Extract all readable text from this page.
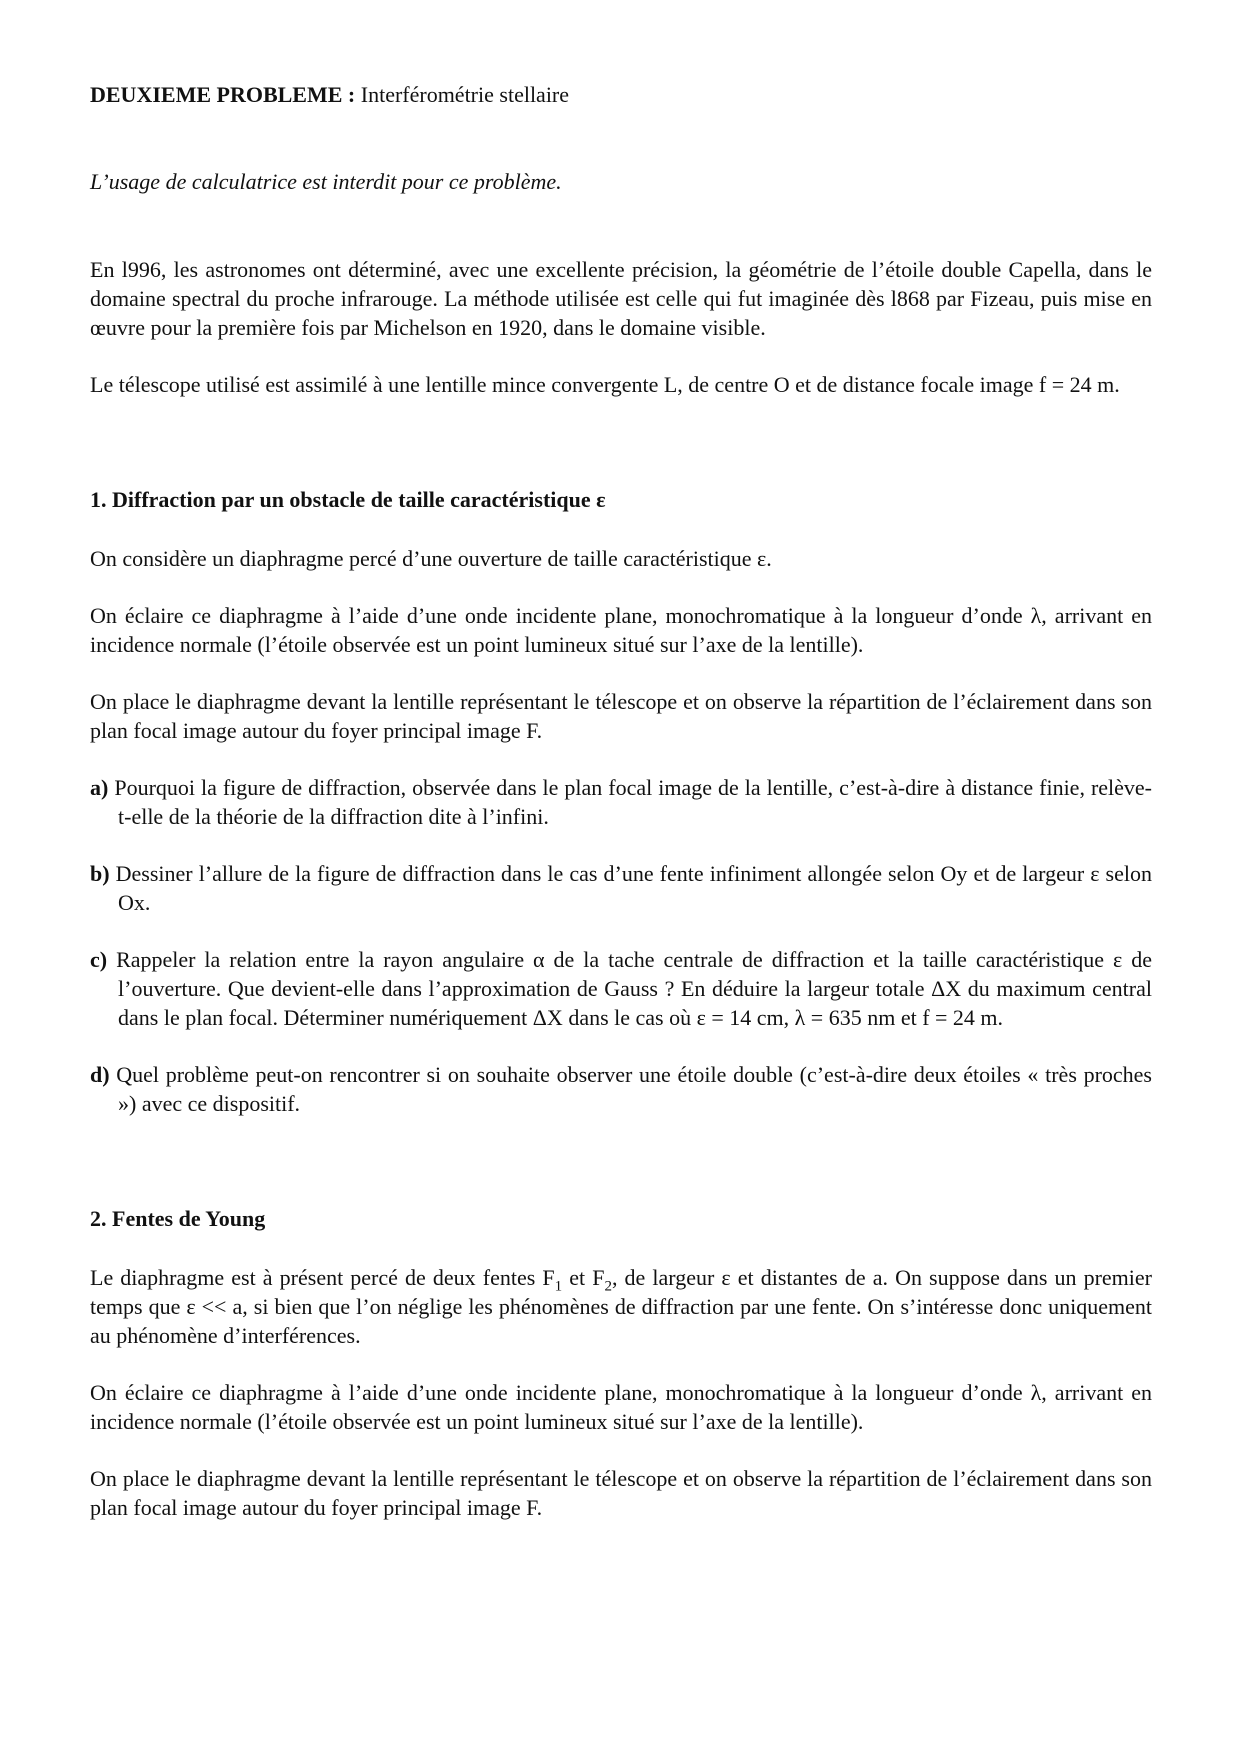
DEUXIEME PROBLEME : Interférométrie stellaire

L’usage de calculatrice est interdit pour ce problème.

En l996, les astronomes ont déterminé, avec une excellente précision, la géométrie de l’étoile double Capella, dans le domaine spectral du proche infrarouge. La méthode utilisée est celle qui fut imaginée dès l868 par Fizeau, puis mise en œuvre pour la première fois par Michelson en 1920, dans le domaine visible.

Le télescope utilisé est assimilé à une lentille mince convergente L, de centre O et de distance focale image f = 24 m.

1. Diffraction par un obstacle de taille caractéristique ε

On considère un diaphragme percé d’une ouverture de taille caractéristique ε.

On éclaire ce diaphragme à l’aide d’une onde incidente plane, monochromatique à la longueur d’onde λ, arrivant en incidence normale (l’étoile observée est un point lumineux situé sur l’axe de la lentille).

On place le diaphragme devant la lentille représentant le télescope et on observe la répartition de l’éclairement dans son plan focal image autour du foyer principal image F.

a) Pourquoi la figure de diffraction, observée dans le plan focal image de la lentille, c’est-à-dire à distance finie, relève-t-elle de la théorie de la diffraction dite à l’infini.

b) Dessiner l’allure de la figure de diffraction dans le cas d’une fente infiniment allongée selon Oy et de largeur ε selon Ox.

c) Rappeler la relation entre la rayon angulaire α de la tache centrale de diffraction et la taille caractéristique ε de l’ouverture. Que devient-elle dans l’approximation de Gauss ? En déduire la largeur totale ΔX du maximum central dans le plan focal. Déterminer numériquement ΔX dans le cas où ε = 14 cm, λ = 635 nm et f = 24 m.

d) Quel problème peut-on rencontrer si on souhaite observer une étoile double (c’est-à-dire deux étoiles « très proches ») avec ce dispositif.

2. Fentes de Young

Le diaphragme est à présent percé de deux fentes $F_1$ et $F_2$, de largeur ε et distantes de a. On suppose dans un premier temps que ε << a, si bien que l’on néglige les phénomènes de diffraction par une fente. On s’intéresse donc uniquement au phénomène d’interférences.

On éclaire ce diaphragme à l’aide d’une onde incidente plane, monochromatique à la longueur d’onde λ, arrivant en incidence normale (l’étoile observée est un point lumineux situé sur l’axe de la lentille).

On place le diaphragme devant la lentille représentant le télescope et on observe la répartition de l’éclairement dans son plan focal image autour du foyer principal image F.
